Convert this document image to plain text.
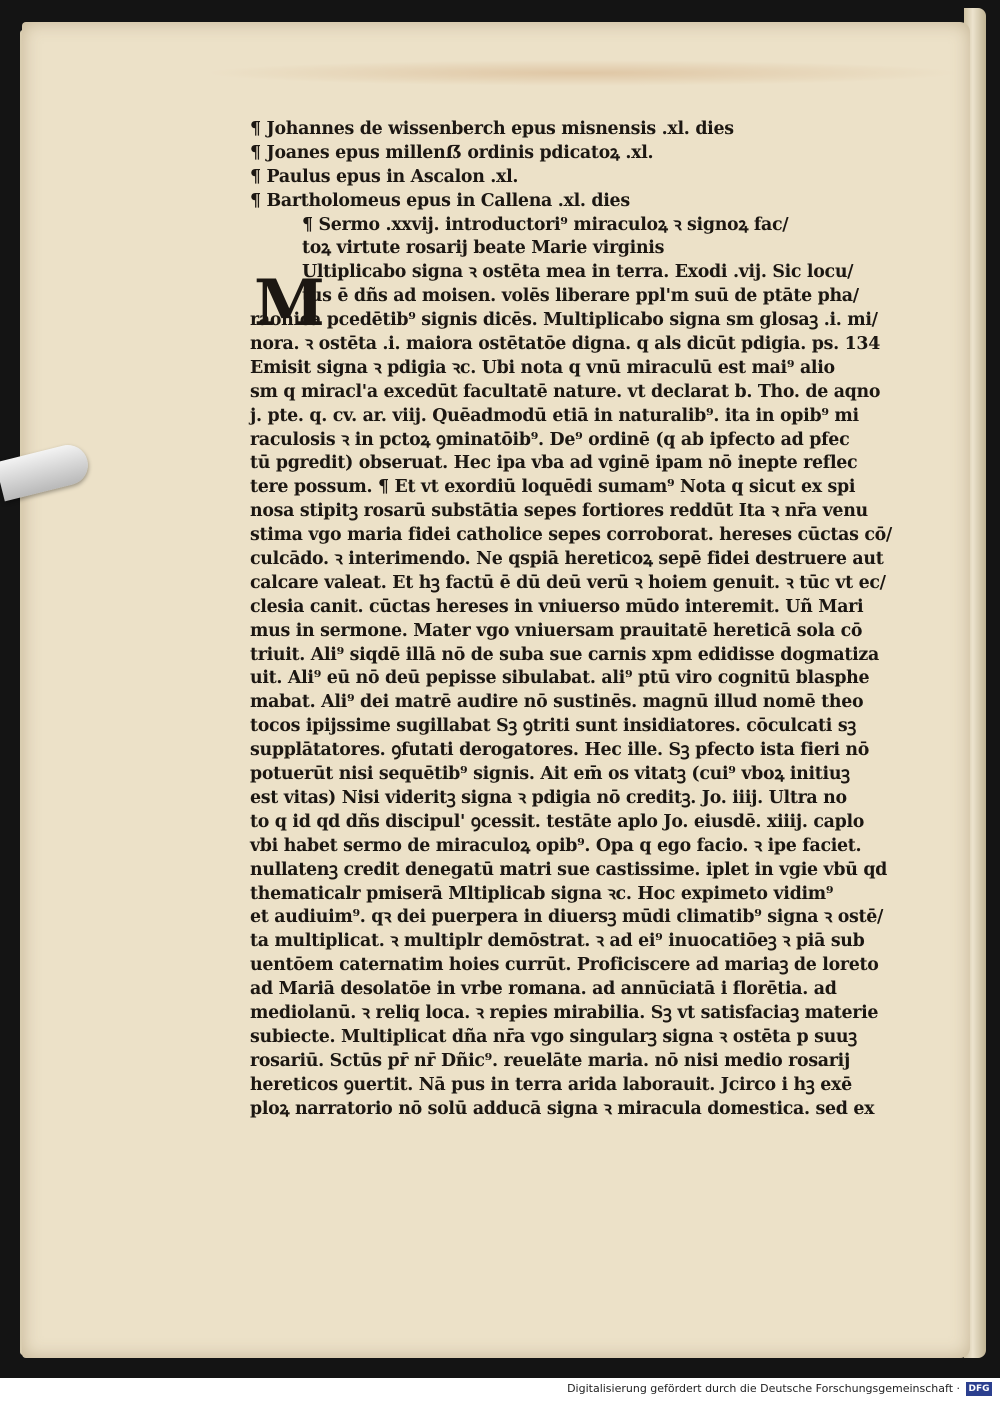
M
¶ Johannes de wissenberch epus misnensis .xl. dies
¶ Joanes epus millenẞ ordinis pdicatoꝝ .xl.
¶ Paulus epus in Ascalon .xl.
¶ Bartholomeus epus in Callena .xl. dies
¶ Sermo .xxvij. introductori⁹ miraculoꝝ ꝛ signoꝝ fac/
toꝝ virtute rosarij beate Marie virginis
Ultiplicabo signa ꝛ ostēta mea in terra. Exodi .vij. Sic locu/
tus ē dñs ad moisen. volēs liberare ppl'm suū de ptāte pha/
raonica pcedētib⁹ signis dicēs. Multiplicabo signa sm glosaꝫ .i. mi/
nora. ꝛ ostēta .i. maiora ostētatōe digna. q als dicūt pdigia. ps. 134
Emisit signa ꝛ pdigia ꝛc. Ubi nota q vnū miraculū est mai⁹ alio
sm q miracl'a excedūt facultatē nature. vt declarat b. Tho. de aqno
j. pte. q. cv. ar. viij. Quēadmodū etiā in naturalib⁹. ita in opib⁹ mi
raculosis ꝛ in pctoꝝ ꝯminatōib⁹. De⁹ ordinē (q ab ipfecto ad pfec
tū pgredit) obseruat. Hec ipa vba ad vginē ipam nō inepte reflec
tere possum. ¶ Et vt exordiū loquēdi sumam⁹ Nota q sicut ex spi
nosa stipitꝫ rosarū substātia sepes fortiores reddūt Ita ꝛ nr̄a venu
stima vgo maria fidei catholice sepes corroborat. hereses cūctas cō/
culcādo. ꝛ interimendo. Ne qspiā hereticoꝝ sepē fidei destruere aut
calcare valeat. Et hꝫ factū ē dū deū verū ꝛ hoiem genuit. ꝛ tūc vt ec/
clesia canit. cūctas hereses in vniuerso mūdo interemit. Uñ Mari
mus in sermone. Mater vgo vniuersam prauitatē hereticā sola cō
triuit. Ali⁹ siqdē illā nō de suba sue carnis xpm edidisse dogmatiza
uit. Ali⁹ eū nō deū pepisse sibulabat. ali⁹ ptū viro cognitū blasphe
mabat. Ali⁹ dei matrē audire nō sustinēs. magnū illud nomē theo
tocos ipijssime sugillabat Sꝫ ꝯtriti sunt insidiatores. cōculcati sꝫ
supplātatores. ꝯfutati derogatores. Hec ille. Sꝫ pfecto ista fieri nō
potuerūt nisi sequētib⁹ signis. Ait em̄ os vitatꝫ (cui⁹ vboꝝ initiuꝫ
est vitas) Nisi videritꝫ signa ꝛ pdigia nō creditꝫ. Jo. iiij. Ultra no
to q id qd dñs discipul' ꝯcessit. testāte aplo Jo. eiusdē. xiiij. caplo
vbi habet sermo de miraculoꝝ opib⁹. Opa q ego facio. ꝛ ipe faciet.
nullatenꝫ credit denegatū matri sue castissime. iplet in vgie vbū qd
thematicalr pmiserā Mltiplicab signa ꝛc. Hoc expimeto vidim⁹
et audiuim⁹. qꝛ dei puerpera in diuersꝫ mūdi climatib⁹ signa ꝛ ostē/
ta multiplicat. ꝛ multiplr demōstrat. ꝛ ad ei⁹ inuocatiōeꝫ ꝛ piā sub
uentōem caternatim hoies currūt. Proficiscere ad mariaꝫ de loreto
ad Mariā desolatōe in vrbe romana. ad annūciatā i florētia. ad
mediolanū. ꝛ reliq loca. ꝛ repies mirabilia. Sꝫ vt satisfaciaꝫ materie
subiecte. Multiplicat dña nr̄a vgo singularꝫ signa ꝛ ostēta p suuꝫ
rosariū. Sctūs pr̄ nr̄ Dñic⁹. reuelāte maria. nō nisi medio rosarij
hereticos ꝯuertit. Nā pus in terra arida laborauit. Jcirco i hꝫ exē
ploꝝ narratorio nō solū adducā signa ꝛ miracula domestica. sed ex
Digitalisierung gefördert durch die Deutsche Forschungsgemeinschaft · DFG
